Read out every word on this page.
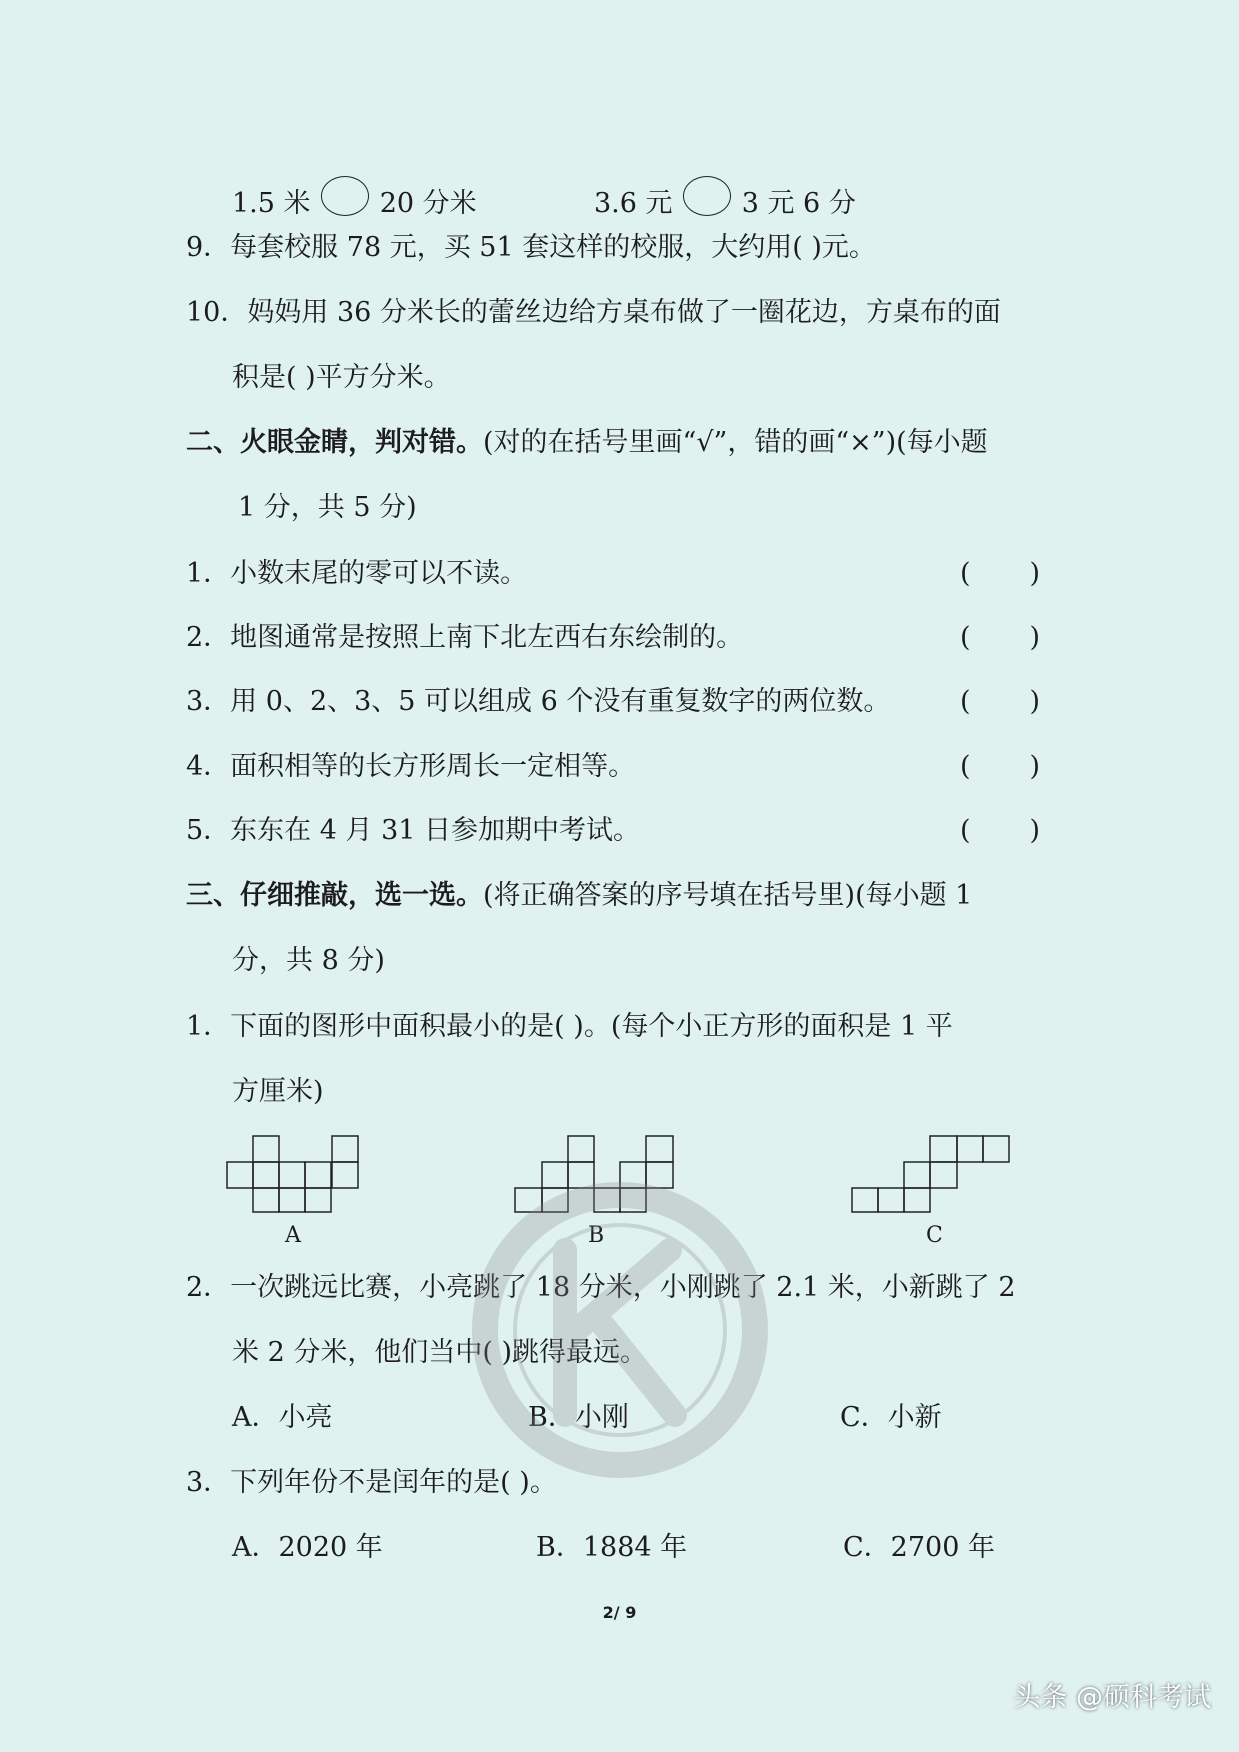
1.5 米	20 分米	3.6 元	3 元 6 分
9．每套校服 78 元，买 51 套这样的校服，大约用( )元。
10．妈妈用 36 分米长的蕾丝边给方桌布做了一圈花边，方桌布的面
积是( )平方分米。
二、火眼金睛，判对错。(对的在括号里画“√”，错的画“×”)(每小题
1 分，共 5 分)
1．小数末尾的零可以不读。	( )
2．地图通常是按照上南下北左西右东绘制的。	( )
3．用 0、2、3、5 可以组成 6 个没有重复数字的两位数。	( )
4．面积相等的长方形周长一定相等。	( )
5．东东在 4 月 31 日参加期中考试。	( )
三、仔细推敲，选一选。(将正确答案的序号填在括号里)(每小题 1
分，共 8 分)
1．下面的图形中面积最小的是( )。(每个小正方形的面积是 1 平
方厘米)
A	B	C
2．一次跳远比赛，小亮跳了 18 分米，小刚跳了 2.1 米，小新跳了 2
米 2 分米，他们当中( )跳得最远。
A．小亮	B．小刚	C．小新
3．下列年份不是闰年的是( )。
A．2020 年	B．1884 年	C．2700 年
2/ 9
头条 @硕科考试
